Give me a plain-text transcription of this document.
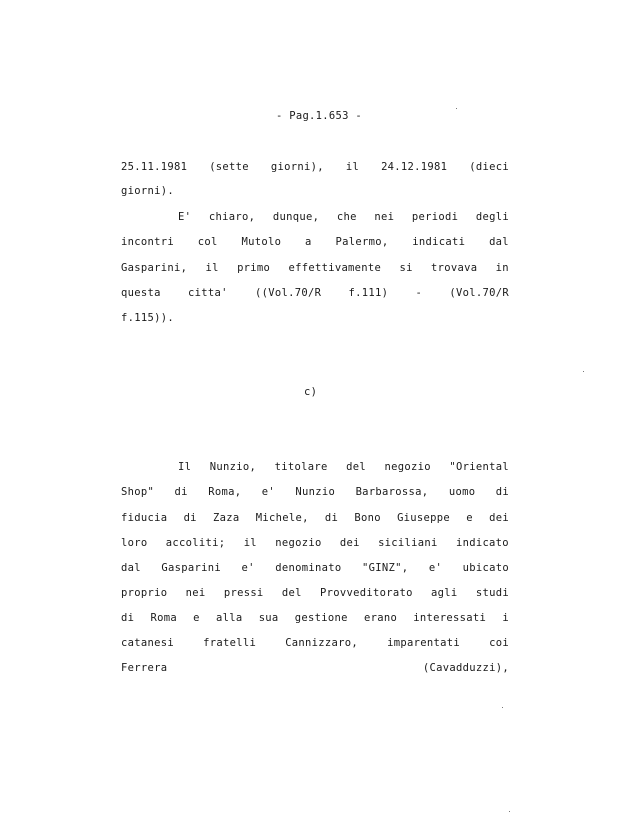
- Pag.1.653 -
25.11.1981 (sette giorni), il 24.12.1981 (dieci
giorni).
E' chiaro, dunque, che nei periodi degli
incontri col Mutolo a Palermo, indicati dal
Gasparini, il primo effettivamente si trovava in
questa	citta'	((Vol.70/R	f.111)	-	(Vol.70/R
f.115)).
c)
Il Nunzio, titolare del negozio "Oriental
Shop" di Roma, e' Nunzio Barbarossa, uomo di
fiducia di Zaza Michele, di Bono Giuseppe e dei
loro accoliti; il negozio dei siciliani indicato
dal Gasparini e' denominato "GINZ", e' ubicato
proprio nei pressi del Provveditorato agli studi
di Roma e alla sua gestione erano interessati i
catanesi	fratelli	Cannizzaro,	imparentati	coi
Ferrera	(Cavadduzzi),
